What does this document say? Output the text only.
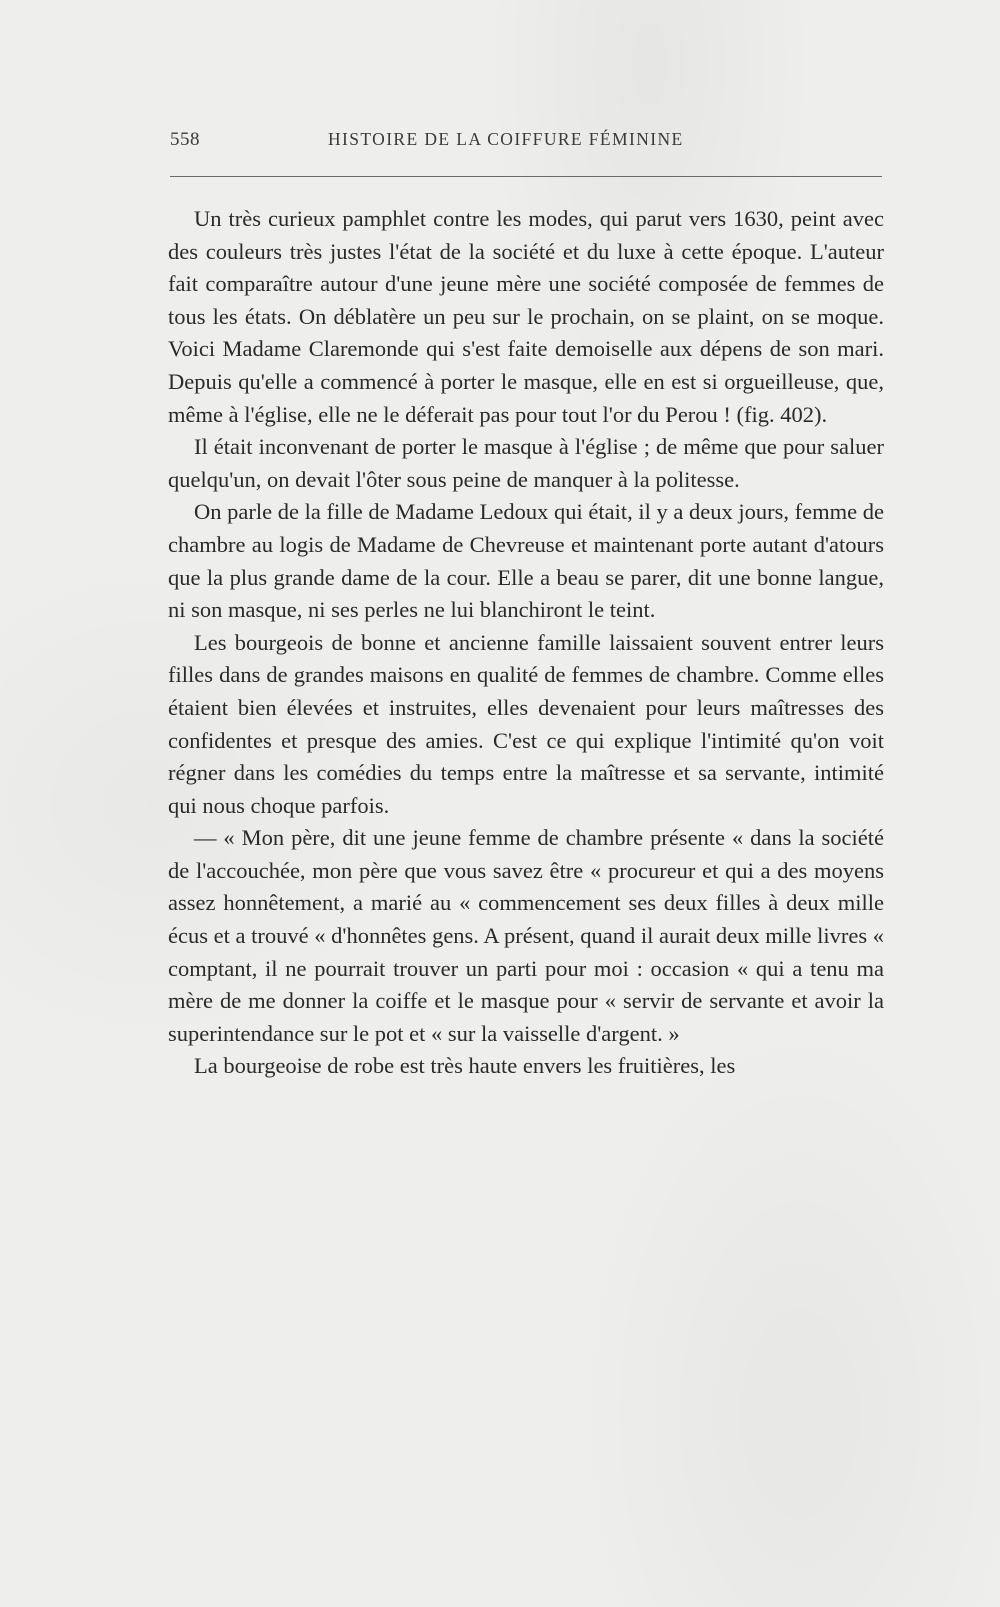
558	HISTOIRE DE LA COIFFURE FÉMININE

Un très curieux pamphlet contre les modes, qui parut vers 1630, peint avec des couleurs très justes l'état de la société et du luxe à cette époque. L'auteur fait comparaître autour d'une jeune mère une société composée de femmes de tous les états. On déblatère un peu sur le prochain, on se plaint, on se moque. Voici Madame Claremonde qui s'est faite demoiselle aux dépens de son mari. Depuis qu'elle a commencé à porter le masque, elle en est si orgueilleuse, que, même à l'église, elle ne le déferait pas pour tout l'or du Perou ! (fig. 402).

Il était inconvenant de porter le masque à l'église ; de même que pour saluer quelqu'un, on devait l'ôter sous peine de manquer à la politesse.

On parle de la fille de Madame Ledoux qui était, il y a deux jours, femme de chambre au logis de Madame de Chevreuse et maintenant porte autant d'atours que la plus grande dame de la cour. Elle a beau se parer, dit une bonne langue, ni son masque, ni ses perles ne lui blanchiront le teint.

Les bourgeois de bonne et ancienne famille laissaient souvent entrer leurs filles dans de grandes maisons en qualité de femmes de chambre. Comme elles étaient bien élevées et instruites, elles devenaient pour leurs maîtresses des confidentes et presque des amies. C'est ce qui explique l'intimité qu'on voit régner dans les comédies du temps entre la maîtresse et sa servante, intimité qui nous choque parfois.

— « Mon père, dit une jeune femme de chambre présente « dans la société de l'accouchée, mon père que vous savez être « procureur et qui a des moyens assez honnêtement, a marié au « commencement ses deux filles à deux mille écus et a trouvé « d'honnêtes gens. A présent, quand il aurait deux mille livres « comptant, il ne pourrait trouver un parti pour moi : occasion « qui a tenu ma mère de me donner la coiffe et le masque pour « servir de servante et avoir la superintendance sur le pot et « sur la vaisselle d'argent. »

La bourgeoise de robe est très haute envers les fruitières, les
